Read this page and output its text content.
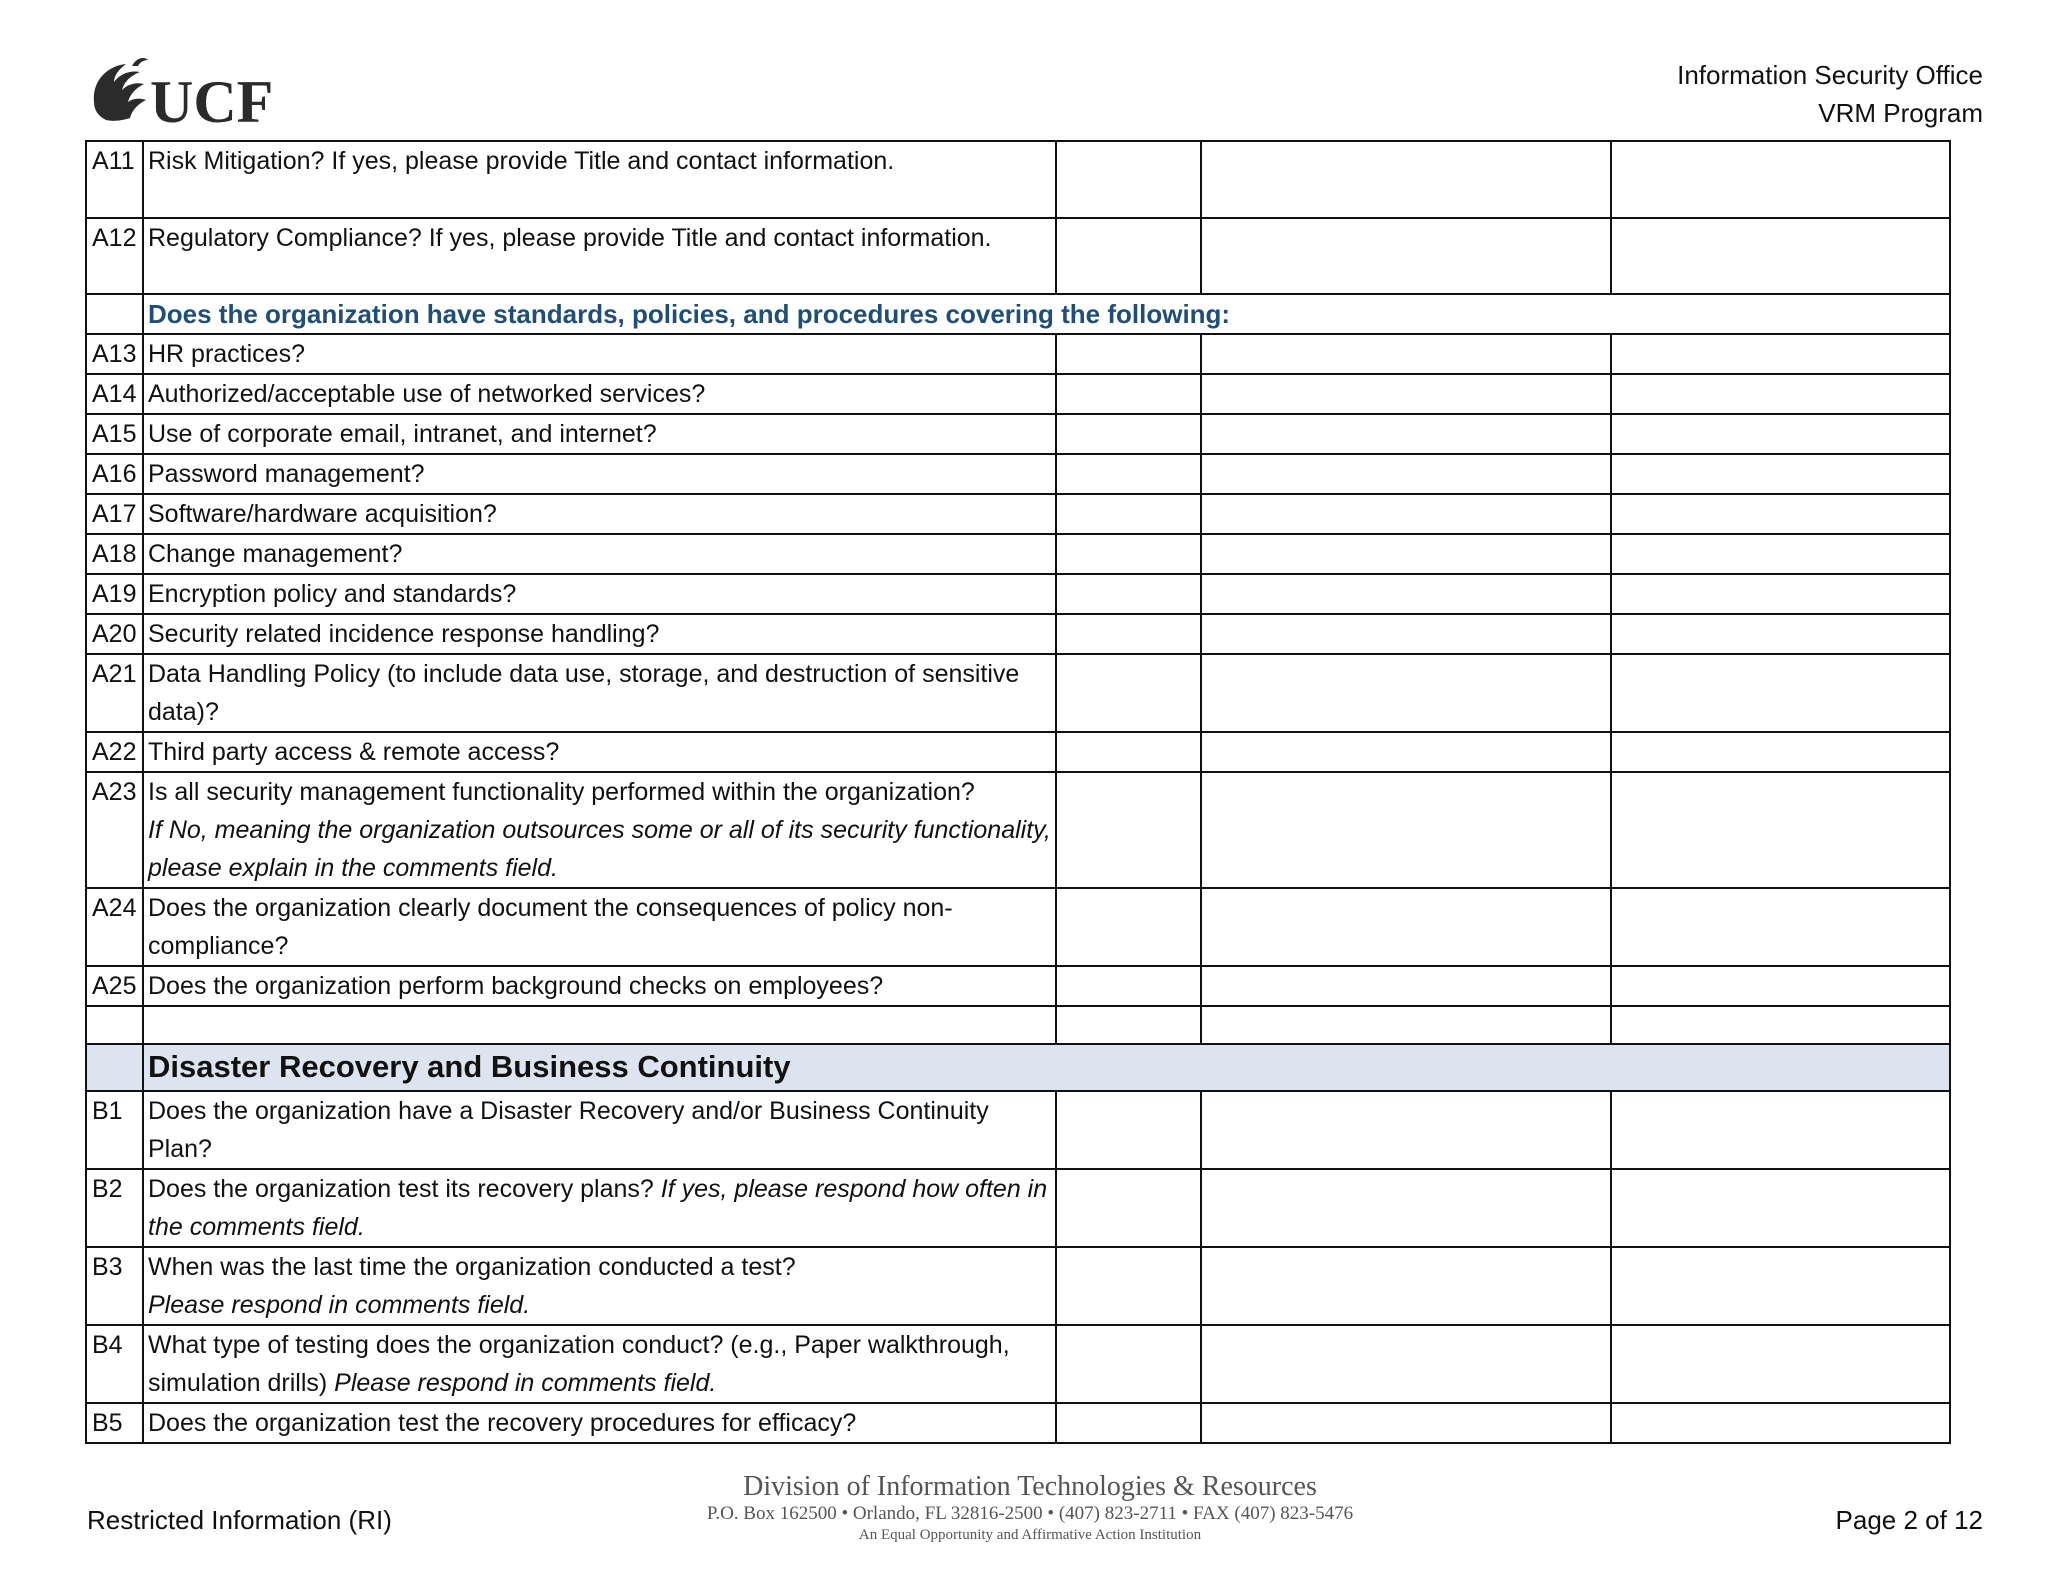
UCF	Information Security Office
VRM Program
A11	Risk Mitigation? If yes, please provide Title and contact information.			
A12	Regulatory Compliance? If yes, please provide Title and contact information.			
	Does the organization have standards, policies, and procedures covering the following:			
A13	HR practices?			
A14	Authorized/acceptable use of networked services?			
A15	Use of corporate email, intranet, and internet?			
A16	Password management?			
A17	Software/hardware acquisition?			
A18	Change management?			
A19	Encryption policy and standards?			
A20	Security related incidence response handling?			
A21	Data Handling Policy (to include data use, storage, and destruction of sensitive data)?			
A22	Third party access & remote access?			
A23	Is all security management functionality performed within the organization?
If No, meaning the organization outsources some or all of its security functionality, please explain in the comments field.			
A24	Does the organization clearly document the consequences of policy non-compliance?			
A25	Does the organization perform background checks on employees?			

	Disaster Recovery and Business Continuity			
B1	Does the organization have a Disaster Recovery and/or Business Continuity Plan?			
B2	Does the organization test its recovery plans? If yes, please respond how often in the comments field.			
B3	When was the last time the organization conducted a test?
Please respond in comments field.			
B4	What type of testing does the organization conduct? (e.g., Paper walkthrough, simulation drills) Please respond in comments field.			
B5	Does the organization test the recovery procedures for efficacy?			
Restricted Information (RI)
Division of Information Technologies & Resources
P.O. Box 162500 • Orlando, FL 32816-2500 • (407) 823-2711 • FAX (407) 823-5476
An Equal Opportunity and Affirmative Action Institution	Page 2 of 12
